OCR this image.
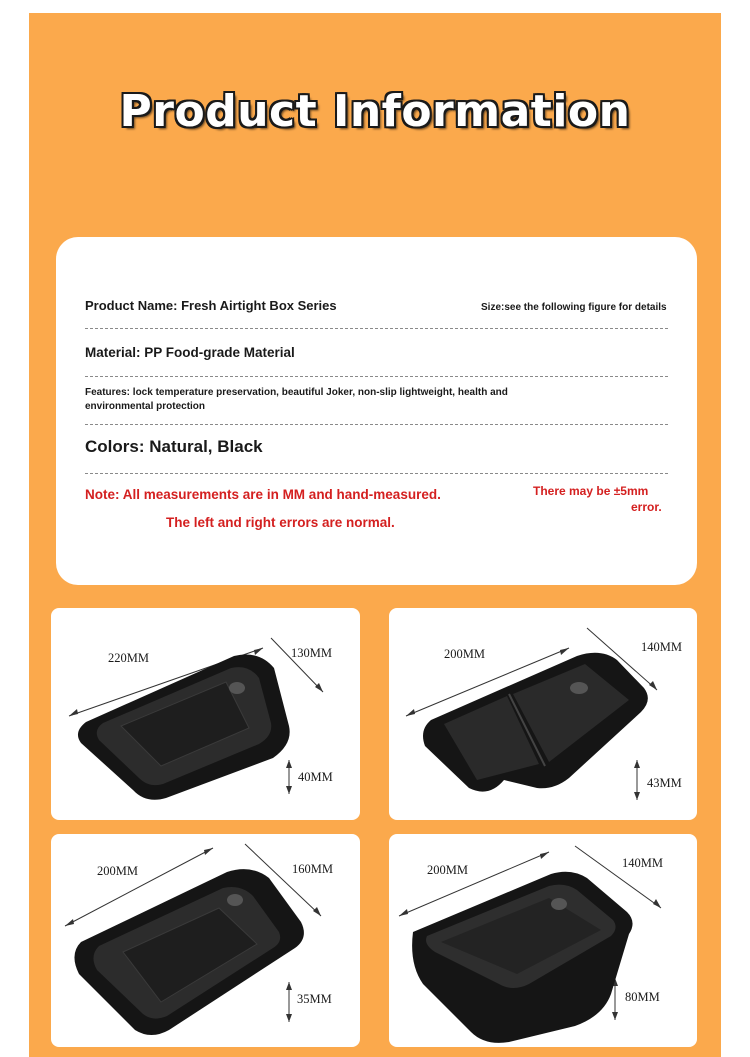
Product Information
Product Name: Fresh Airtight Box Series	Size:see the following figure for details
Material: PP Food-grade Material
Features: lock temperature preservation, beautiful Joker, non-slip lightweight, health and
environmental protection
Colors: Natural, Black
Note: All measurements are in MM and hand-measured.
The left and right errors are normal.
There may be ±5mm
error.
220MM	130MM
40MM
200MM	140MM
43MM
200MM	160MM
35MM
200MM	140MM
80MM
